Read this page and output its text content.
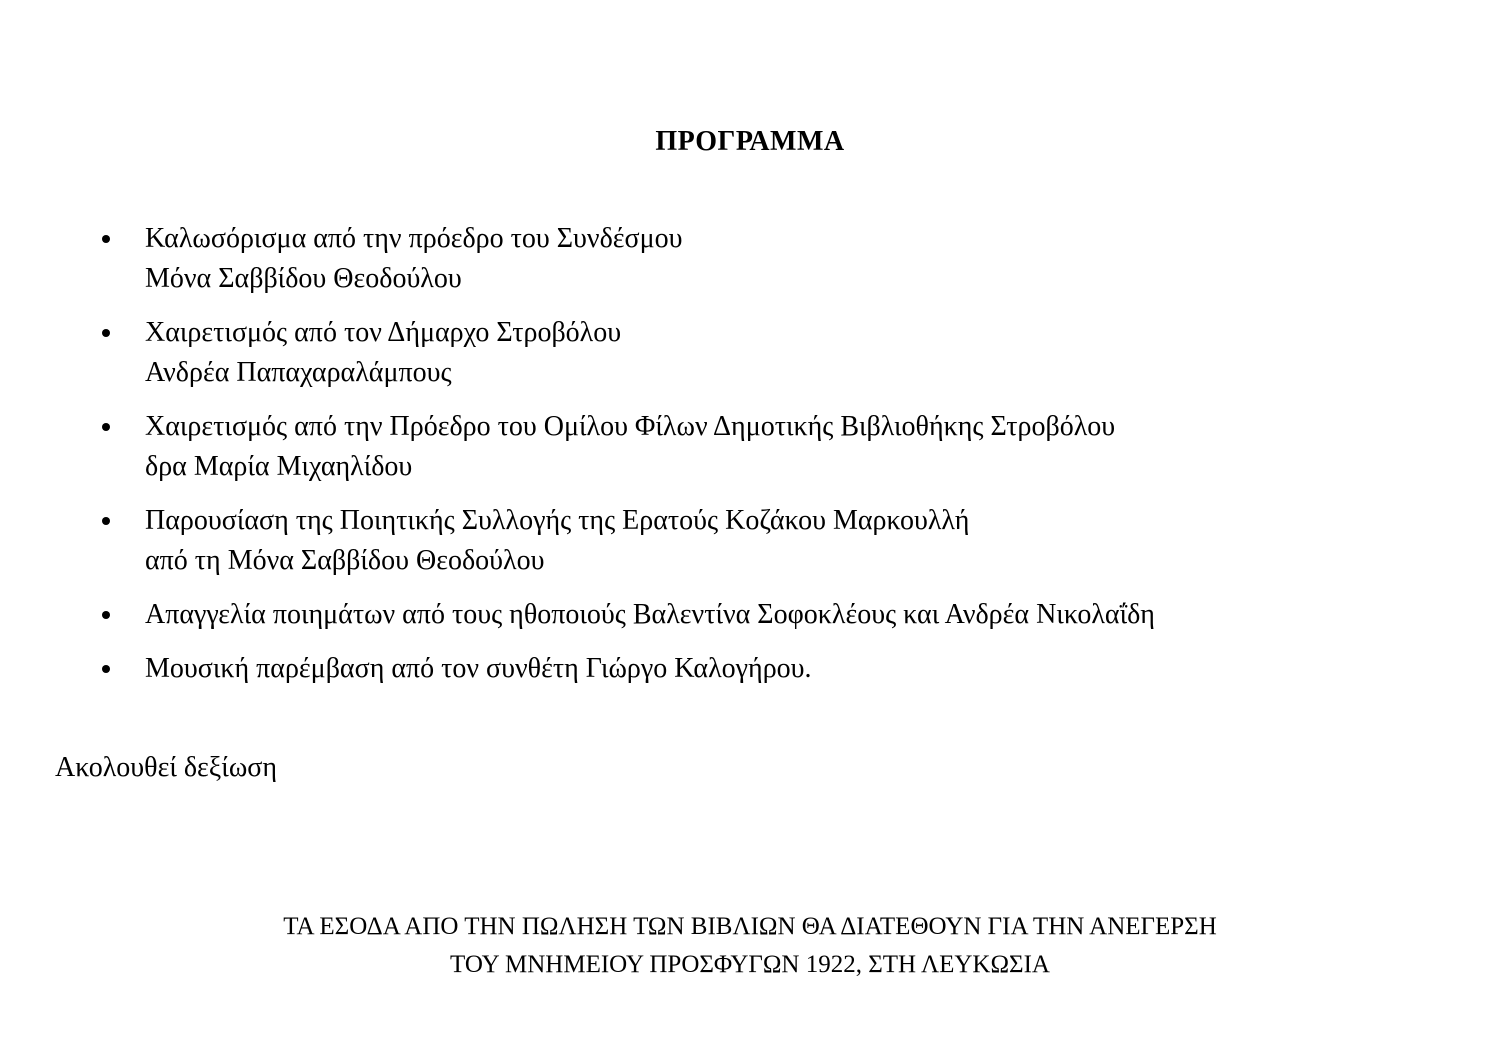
ΠΡΟΓΡΑΜΜΑ
Καλωσόρισμα από την πρόεδρο του Συνδέσμου
Μόνα Σαββίδου Θεοδούλου
Χαιρετισμός από τον Δήμαρχο Στροβόλου
Ανδρέα Παπαχαραλάμπους
Χαιρετισμός από την Πρόεδρο του Ομίλου Φίλων Δημοτικής Βιβλιοθήκης Στροβόλου
δρα Μαρία Μιχαηλίδου
Παρουσίαση της Ποιητικής Συλλογής της Ερατούς Κοζάκου Μαρκουλλή
από τη Μόνα Σαββίδου Θεοδούλου
Απαγγελία ποιημάτων από τους ηθοποιούς Βαλεντίνα Σοφοκλέους και Ανδρέα Νικολαΐδη
Μουσική παρέμβαση από τον συνθέτη Γιώργο Καλογήρου.
Ακολουθεί δεξίωση
ΤΑ ΕΣΟΔΑ ΑΠΟ ΤΗΝ ΠΩΛΗΣΗ ΤΩΝ ΒΙΒΛΙΩΝ ΘΑ ΔΙΑΤΕΘΟΥΝ ΓΙΑ ΤΗΝ ΑΝΕΓΕΡΣΗ
ΤΟΥ ΜΝΗΜΕΙΟΥ ΠΡΟΣΦΥΓΩΝ 1922, ΣΤΗ ΛΕΥΚΩΣΙΑ
